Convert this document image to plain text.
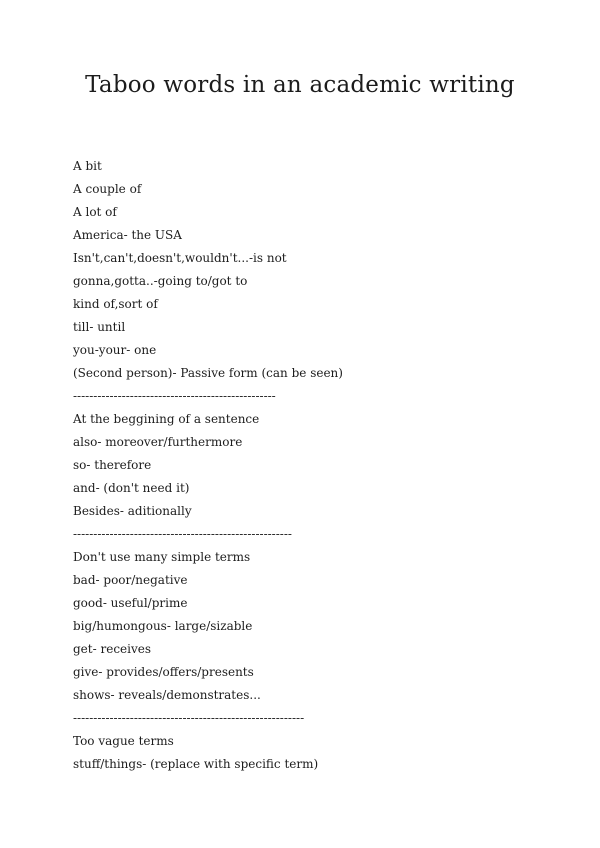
Taboo words in an academic writing
A bit
A couple of
A lot of
America- the USA
Isn't,can't,doesn't,wouldn't...-is not
gonna,gotta..-going to/got to
kind of,sort of
till- until
you-your- one
(Second person)- Passive form (can be seen)
--------------------------------------------------
At the beggining of a sentence
also- moreover/furthermore
so- therefore
and- (don't need it)
Besides- aditionally
------------------------------------------------------
Don't use many simple terms
bad- poor/negative
good- useful/prime
big/humongous- large/sizable
get- receives
give- provides/offers/presents
shows- reveals/demonstrates...
---------------------------------------------------------
Too vague terms
stuff/things- (replace with specific term)
